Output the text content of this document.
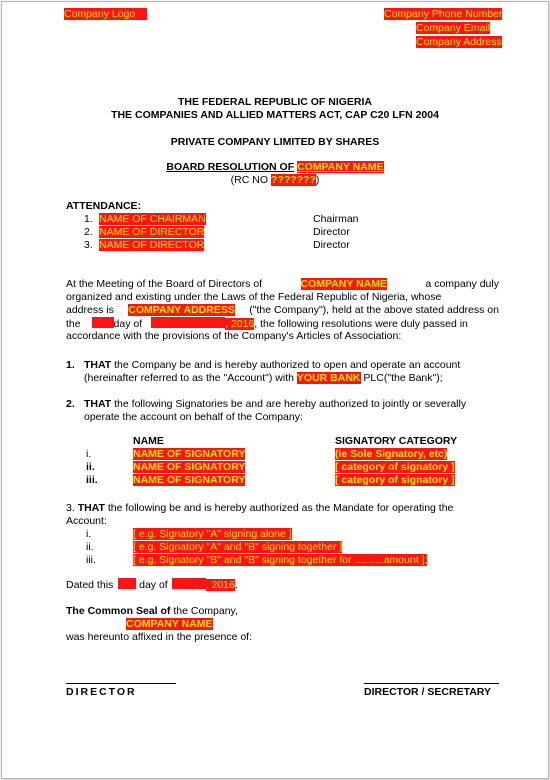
Company Logo	Company Phone Number
Company Email
Company Address
THE FEDERAL REPUBLIC OF NIGERIA
THE COMPANIES AND ALLIED MATTERS ACT, CAP C20 LFN 2004
PRIVATE COMPANY LIMITED BY SHARES
BOARD RESOLUTION OF COMPANY NAME
(RC NO ???????)
ATTENDANCE:
1. NAME OF CHAIRMAN	Chairman
2. NAME OF DIRECTOR	Director
3. NAME OF DIRECTOR	Director
At the Meeting of the Board of Directors of	COMPANY NAME	a company duly
organized and existing under the Laws of the Federal Republic of Nigeria, whose
address is COMPANY ADDRESS ("the Company"), held at the above stated address on
the	day of	, 2016, the following resolutions were duly passed in
accordance with the provisions of the Company's Articles of Association:
1. THAT the Company be and is hereby authorized to open and operate an account
(hereinafter referred to as the "Account") with YOUR BANK PLC("the Bank");
2. THAT the following Signatories be and are hereby authorized to jointly or severally
operate the account on behalf of the Company:
NAME	SIGNATORY CATEGORY
i.	NAME OF SIGNATORY	(ie Sole Signatory, etc)
ii.	NAME OF SIGNATORY	[ category of signatory ]
iii.	NAME OF SIGNATORY	[ category of signatory ]
3. THAT the following be and is hereby authorized as the Mandate for operating the
Account:
i.	[ e.g. Signatory "A" signing alone ]
ii.	[ e.g. Signatory "A" and "B" signing together ]
iii.	[ e.g. Signatory "B" and "B" signing together for ..........amount ];
Dated this day of	, 2016.
The Common Seal of the Company,
COMPANY NAME
was hereunto affixed in the presence of:
DIRECTOR	DIRECTOR / SECRETARY
